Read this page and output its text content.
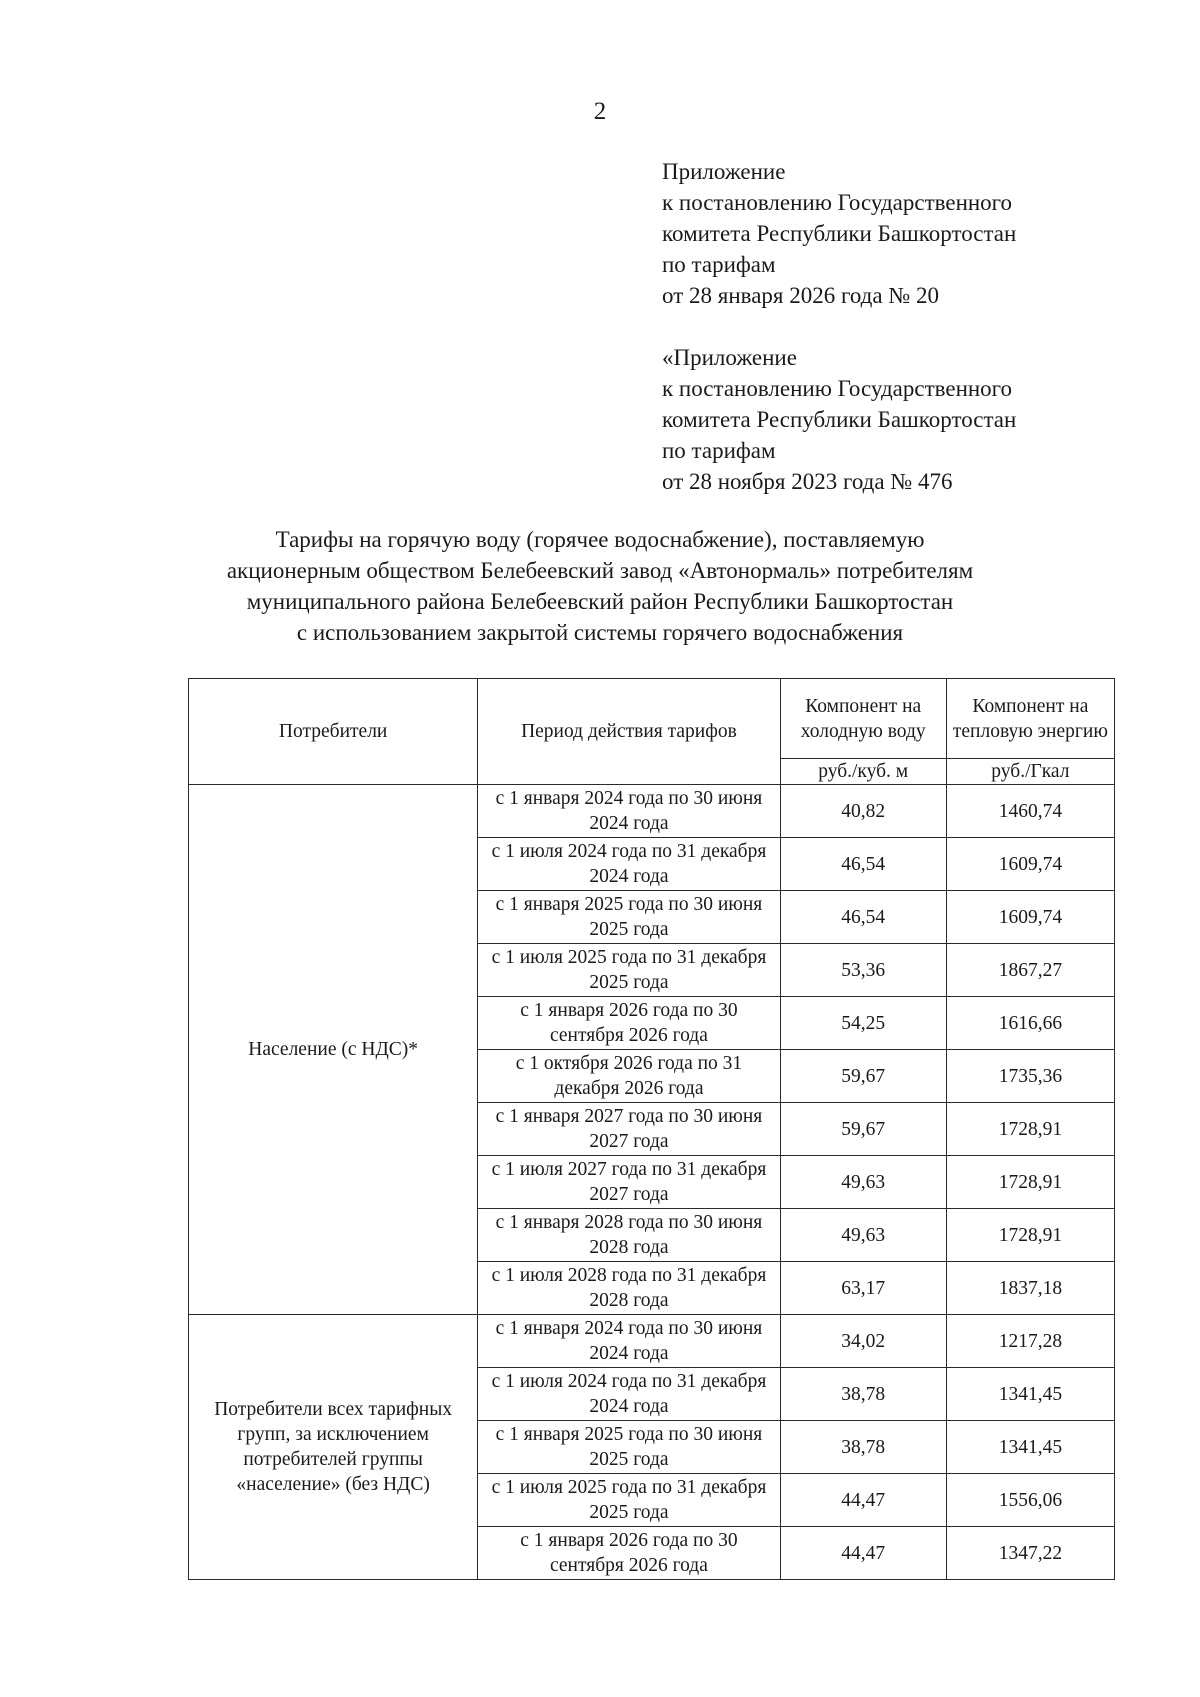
2
Приложение
к постановлению Государственного
комитета Республики Башкортостан
по тарифам
от 28 января 2026 года № 20
«Приложение
к постановлению Государственного
комитета Республики Башкортостан
по тарифам
от 28 ноября 2023 года № 476
Тарифы на горячую воду (горячее водоснабжение), поставляемую
акционерным обществом Белебеевский завод «Автонормаль» потребителям
муниципального района Белебеевский район Республики Башкортостан
с использованием закрытой системы горячего водоснабжения
Потребители	Период действия тарифов	Компонент на холодную воду	Компонент на тепловую энергию
		руб./куб. м	руб./Гкал
Население (с НДС)*	с 1 января 2024 года по 30 июня 2024 года	40,82	1460,74
	с 1 июля 2024 года по 31 декабря 2024 года	46,54	1609,74
	с 1 января 2025 года по 30 июня 2025 года	46,54	1609,74
	с 1 июля 2025 года по 31 декабря 2025 года	53,36	1867,27
	с 1 января 2026 года по 30 сентября 2026 года	54,25	1616,66
	с 1 октября 2026 года по 31 декабря 2026 года	59,67	1735,36
	с 1 января 2027 года по 30 июня 2027 года	59,67	1728,91
	с 1 июля 2027 года по 31 декабря 2027 года	49,63	1728,91
	с 1 января 2028 года по 30 июня 2028 года	49,63	1728,91
	с 1 июля 2028 года по 31 декабря 2028 года	63,17	1837,18
Потребители всех тарифных групп, за исключением потребителей группы «население» (без НДС)	с 1 января 2024 года по 30 июня 2024 года	34,02	1217,28
	с 1 июля 2024 года по 31 декабря 2024 года	38,78	1341,45
	с 1 января 2025 года по 30 июня 2025 года	38,78	1341,45
	с 1 июля 2025 года по 31 декабря 2025 года	44,47	1556,06
	с 1 января 2026 года по 30 сентября 2026 года	44,47	1347,22
